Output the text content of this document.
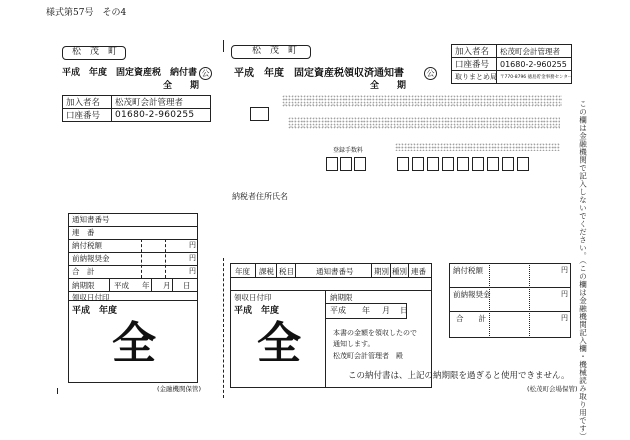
様式第57号　その4
松　茂　町
平成　年度　固定資産税　納付書 公
全　　期
加入者名	松茂町会計管理者
口座番号	01680-2-960255
通知書番号
連　番
納付税額	円
前納報奨金	円
合　計	円
納期限	平成 年 月 日
領収日付印
平成　年度
全
(金融機関保管)
松　茂　町
平成　年度　固定資産税領収済通知書	公
全　　期
加入者名	松茂町会計管理者
口座番号	01680-2-960255
取りまとめ局 〒770-8796 徳島貯金事務センター
登録手数料
納税者住所氏名
年度 課税 税目	通知書番号	期別 種別 連番
領収日付印
平成　年度
全
納期限
平成 年 月 日
本書の金額を領収したので
通知します。
松茂町会計管理者　殿
納付税額	円
前納報奨金	円
合　　計	円
この納付書は、上記の納期限を過ぎると使用できません。
(松茂町会場保管) この欄は金融機関で記入しないでください。（この欄は金融機関記入欄・機械読み取り用です）
